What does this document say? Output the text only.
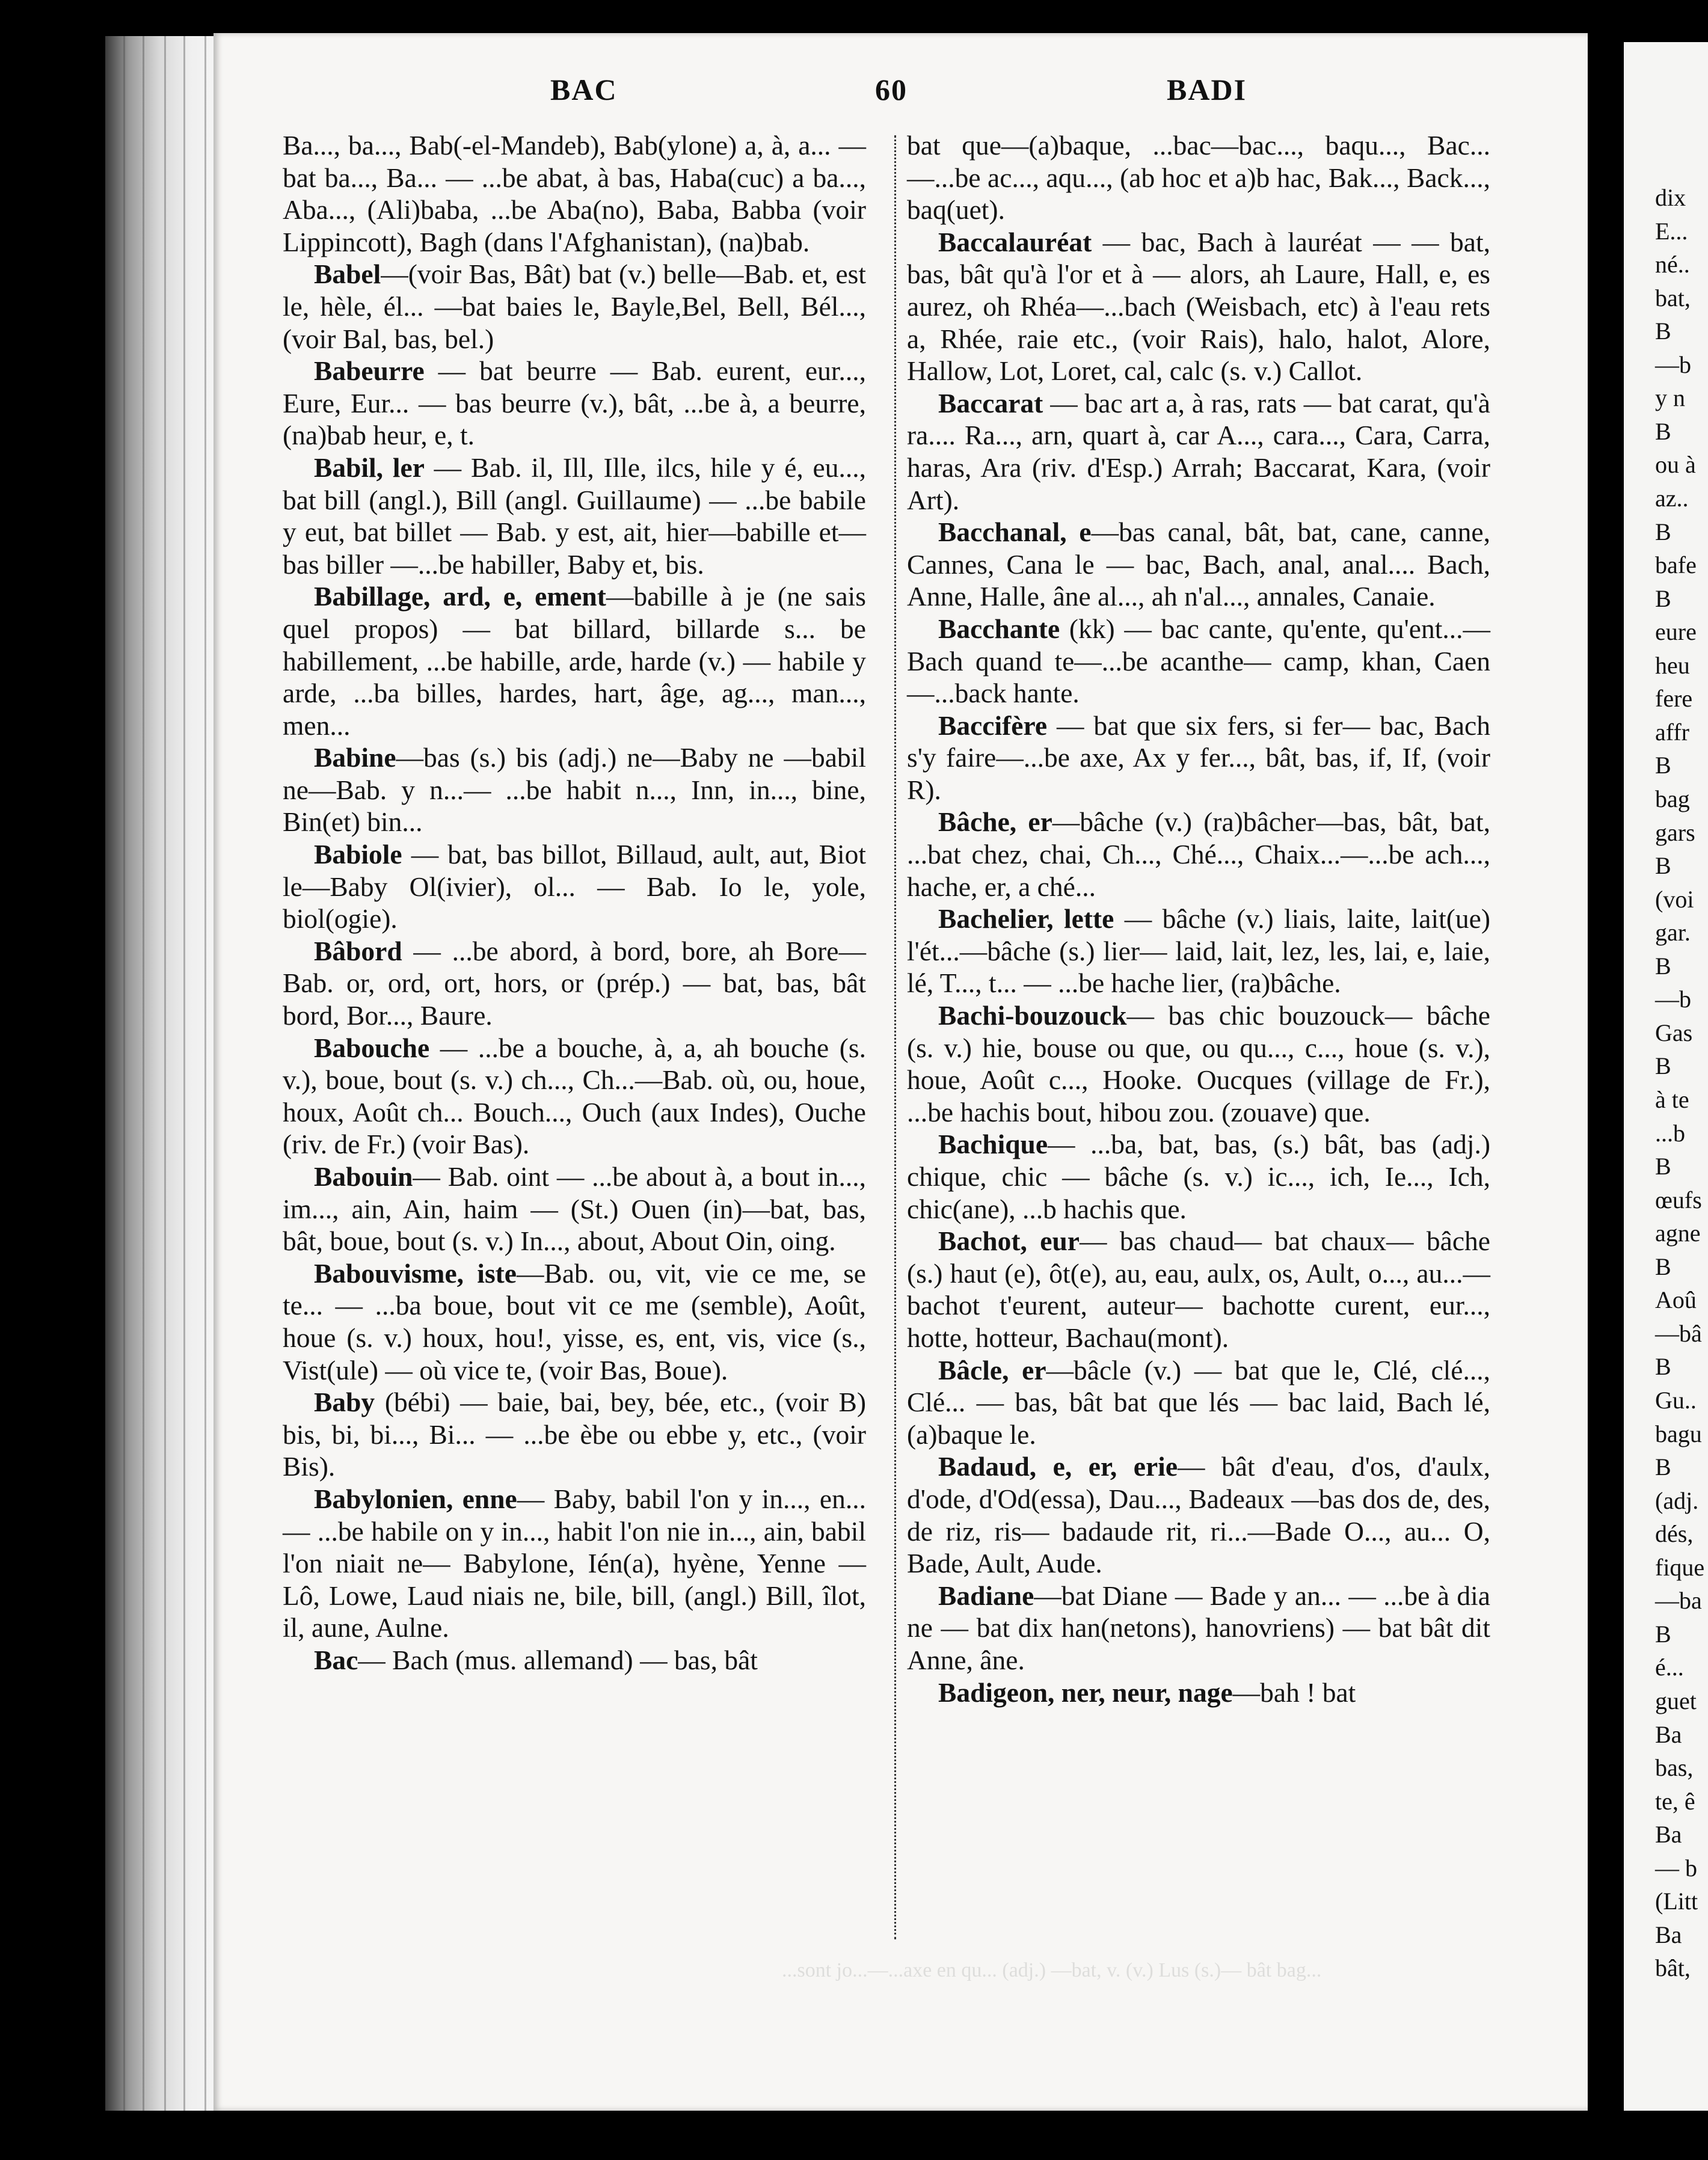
BAC	60	BADI

Ba..., ba..., Bab(-el-Mandeb), Bab(ylone) a, à, a... —bat ba..., Ba... — ...be abat, à bas, Haba(cuc) a ba..., Aba..., (Ali)baba, ...be Aba(no), Baba, Babba (voir Lippincott), Bagh (dans l'Afghanistan), (na)bab.

Babel—(voir Bas, Bât) bat (v.) belle—Bab. et, est le, hèle, él... —bat baies le, Bayle,Bel, Bell, Bél...,(voir Bal, bas, bel.)

Babeurre — bat beurre — Bab. eurent, eur..., Eure, Eur... — bas beurre (v.), bât, ...be à, a beurre, (na)bab heur, e, t.

Babil, ler — Bab. il, Ill, Ille, ilcs, hile y é, eu..., bat bill (angl.), Bill (angl. Guillaume) — ...be babile y eut, bat billet — Bab. y est, ait, hier—babille et—bas biller —...be habiller, Baby et, bis.

Babillage, ard, e, ement—babille à je (ne sais quel propos) — bat billard, billarde s... be habillement, ...be habille, arde, harde (v.) — habile y arde, ...ba billes, hardes, hart, âge, ag..., man..., men...

Babine—bas (s.) bis (adj.) ne—Baby ne —babil ne—Bab. y n...— ...be habit n..., Inn, in..., bine, Bin(et) bin...

Babiole — bat, bas billot, Billaud, ault, aut, Biot le—Baby Ol(ivier), ol... — Bab. Io le, yole, biol(ogie).

Bâbord — ...be abord, à bord, bore, ah Bore—Bab. or, ord, ort, hors, or (prép.) — bat, bas, bât bord, Bor..., Baure.

Babouche — ...be a bouche, à, a, ah bouche (s. v.), boue, bout (s. v.) ch..., Ch...—Bab. où, ou, houe, houx, Août ch... Bouch..., Ouch (aux Indes), Ouche (riv. de Fr.) (voir Bas).

Babouin— Bab. oint — ...be about à, a bout in..., im..., ain, Ain, haim — (St.) Ouen (in)—bat, bas, bât, boue, bout (s. v.) In..., about, About Oin, oing.

Babouvisme, iste—Bab. ou, vit, vie ce me, se te... — ...ba boue, bout vit ce me (semble), Août, houe (s. v.) houx, hou!, yisse, es, ent, vis, vice (s., Vist(ule) — où vice te, (voir Bas, Boue).

Baby (bébi) — baie, bai, bey, bée, etc., (voir B) bis, bi, bi..., Bi... — ...be èbe ou ebbe y, etc., (voir Bis).

Babylonien, enne— Baby, babil l'on y in..., en... — ...be habile on y in..., habit l'on nie in..., ain, babil l'on niait ne— Babylone, Ién(a), hyène, Yenne — Lô, Lowe, Laud niais ne, bile, bill, (angl.) Bill, îlot, il, aune, Aulne.

Bac— Bach (mus. allemand) — bas, bât

bat que—(a)baque, ...bac—bac..., baqu..., Bac...—...be ac..., aqu..., (ab hoc et a)b hac, Bak..., Back..., baq(uet).

Baccalauréat — bac, Bach à lauréat — — bat, bas, bât qu'à l'or et à — alors, ah Laure, Hall, e, es aurez, oh Rhéa—...bach (Weisbach, etc) à l'eau rets a, Rhée, raie etc., (voir Rais), halo, halot, Alore, Hallow, Lot, Loret, cal, calc (s. v.) Callot.

Baccarat — bac art a, à ras, rats — bat carat, qu'à ra.... Ra..., arn, quart à, car A..., cara..., Cara, Carra, haras, Ara (riv. d'Esp.) Arrah; Baccarat, Kara, (voir Art).

Bacchanal, e—bas canal, bât, bat, cane, canne, Cannes, Cana le — bac, Bach, anal, anal.... Bach, Anne, Halle, âne al..., ah n'al..., annales, Canaie.

Bacchante (kk) — bac cante, qu'ente, qu'ent...—Bach quand te—...be acanthe— camp, khan, Caen—...back hante.

Baccifère — bat que six fers, si fer— bac, Bach s'y faire—...be axe, Ax y fer..., bât, bas, if, If, (voir R).

Bâche, er—bâche (v.) (ra)bâcher—bas, bât, bat, ...bat chez, chai, Ch..., Ché..., Chaix...—...be ach..., hache, er, a ché...

Bachelier, lette — bâche (v.) liais, laite, lait(ue) l'ét...—bâche (s.) lier— laid, lait, lez, les, lai, e, laie, lé, T..., t... — ...be hache lier, (ra)bâche.

Bachi-bouzouck— bas chic bouzouck— bâche (s. v.) hie, bouse ou que, ou qu..., c..., houe (s. v.), houe, Août c..., Hooke. Oucques (village de Fr.), ...be hachis bout, hibou zou. (zouave) que.

Bachique— ...ba, bat, bas, (s.) bât, bas (adj.) chique, chic — bâche (s. v.) ic..., ich, Ie..., Ich, chic(ane), ...b hachis que.

Bachot, eur— bas chaud— bat chaux— bâche (s.) haut (e), ôt(e), au, eau, aulx, os, Ault, o..., au...—bachot t'eurent, auteur— bachotte curent, eur..., hotte, hotteur, Bachau(mont).

Bâcle, er—bâcle (v.) — bat que le, Clé, clé..., Clé... — bas, bât bat que lés — bac laid, Bach lé, (a)baque le.

Badaud, e, er, erie— bât d'eau, d'os, d'aulx, d'ode, d'Od(essa), Dau..., Badeaux —bas dos de, des, de riz, ris— badaude rit, ri...—Bade O..., au... O, Bade, Ault, Aude.

Badiane—bat Diane — Bade y an... — ...be à dia ne — bat dix han(netons), hanovriens) — bat bât dit Anne, âne.

Badigeon, ner, neur, nage—bah ! bat

dix
E...
né..
bat,
B
—b
y n
B
ou à
az..
B
bafe
B
eure
heu
fere
affr
B
bag
gars
B
(voi
gar.
B
—b
Gas
B
à te
...b
B
œufs
agne
B
Aoû
—bâ
B
Gu..
bagu
B
(adj.
dés,
fique
—ba
B
é...
guet
Ba
bas,
te, ê
Ba
— b
(Litt
Ba
bât,
...sont jo...—...axe en qu... (adj.) —bat, v. (v.) Lus (s.)— bât bag...
